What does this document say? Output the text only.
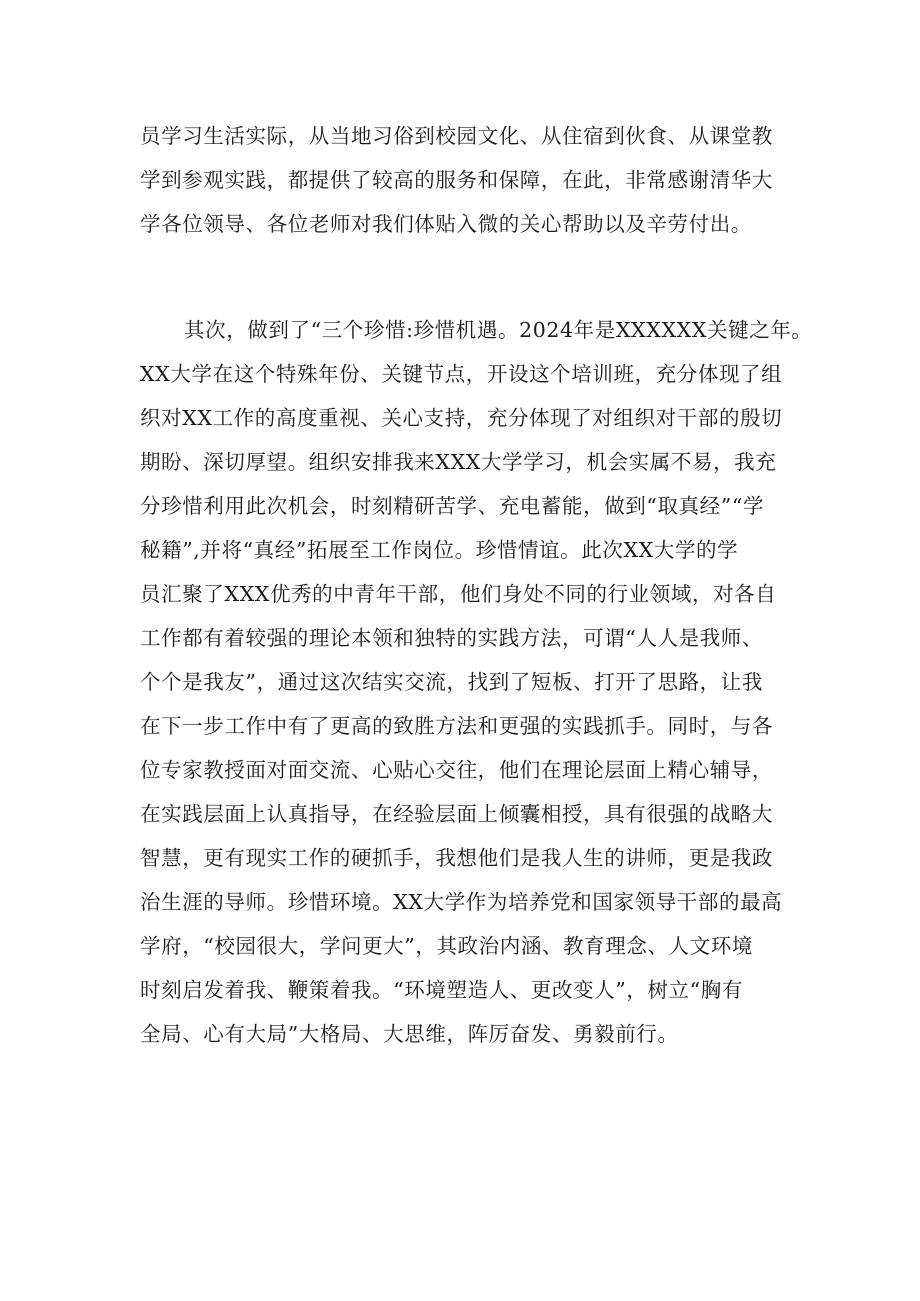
员学习生活实际，从当地习俗到校园文化、从住宿到伙食、从课堂教
学到参观实践，都提供了较高的服务和保障，在此，非常感谢清华大
学各位领导、各位老师对我们体贴入微的关心帮助以及辛劳付出。
其次，做到了“三个珍惜:珍惜机遇。2024年是XXXXXX关键之年。
XX大学在这个特殊年份、关键节点，开设这个培训班，充分体现了组
织对XX工作的高度重视、关心支持，充分体现了对组织对干部的殷切
期盼、深切厚望。组织安排我来XXX大学学习，机会实属不易，我充
分珍惜利用此次机会，时刻精研苦学、充电蓄能，做到“取真经”“学
秘籍”,并将“真经”拓展至工作岗位。珍惜情谊。此次XX大学的学
员汇聚了XXX优秀的中青年干部，他们身处不同的行业领域，对各自
工作都有着较强的理论本领和独特的实践方法，可谓“人人是我师、
个个是我友”，通过这次结实交流，找到了短板、打开了思路，让我
在下一步工作中有了更高的致胜方法和更强的实践抓手。同时，与各
位专家教授面对面交流、心贴心交往，他们在理论层面上精心辅导，
在实践层面上认真指导，在经验层面上倾囊相授，具有很强的战略大
智慧，更有现实工作的硬抓手，我想他们是我人生的讲师，更是我政
治生涯的导师。珍惜环境。XX大学作为培养党和国家领导干部的最高
学府，“校园很大，学问更大”，其政治内涵、教育理念、人文环境
时刻启发着我、鞭策着我。“环境塑造人、更改变人”，树立“胸有
全局、心有大局”大格局、大思维，阵厉奋发、勇毅前行。
